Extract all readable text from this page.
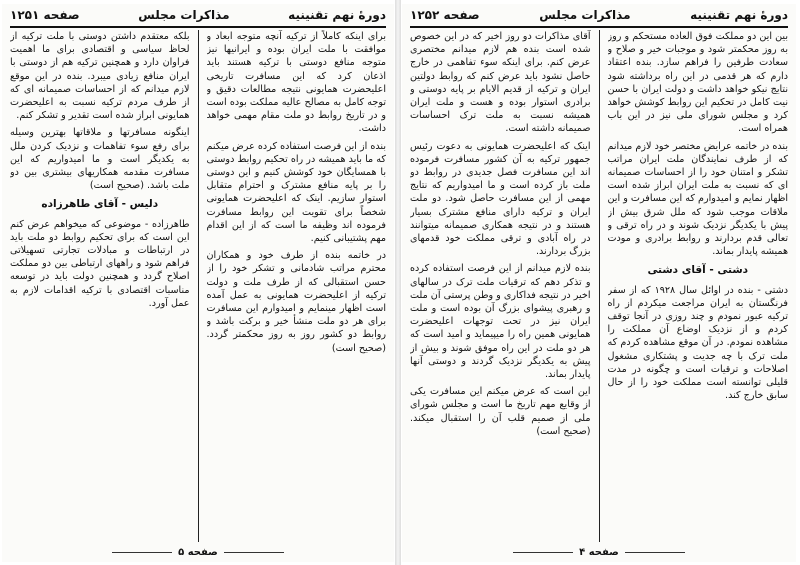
دورهٔ نهم تقنینیه
مذاکرات مجلس
صفحه ۱۲۵۱

برای اینکه کاملاً از ترکیه آنچه متوجه ابعاد و موافقت با ملت ایران بوده و ایرانیها نیز متوجه منافع دوستی با ترکیه هستند باید اذعان کرد که این مسافرت تاریخی اعلیحضرت همایونی نتیجه مطالعات دقیق و توجه کامل به مصالح عالیه مملکت بوده است و در تاریخ روابط دو ملت مقام مهمی خواهد داشت.

بنده از این فرصت استفاده کرده عرض میکنم که ما باید همیشه در راه تحکیم روابط دوستی با همسایگان خود کوشش کنیم و این دوستی را بر پایه منافع مشترک و احترام متقابل استوار سازیم. اینک که اعلیحضرت همایونی شخصاً برای تقویت این روابط مسافرت فرموده اند وظیفه ما است که از این اقدام مهم پشتیبانی کنیم.

در خاتمه بنده از طرف خود و همکاران محترم مراتب شادمانی و تشکر خود را از حسن استقبالی که از طرف ملت و دولت ترکیه از اعلیحضرت همایونی به عمل آمده است اظهار مینمایم و امیدوارم این مسافرت برای هر دو ملت منشأ خیر و برکت باشد و روابط دو کشور روز به روز محکمتر گردد. (صحیح است)

بلکه معتقدم داشتن دوستی با ملت ترکیه از لحاظ سیاسی و اقتصادی برای ما اهمیت فراوان دارد و همچنین ترکیه هم از دوستی با ایران منافع زیادی میبرد. بنده در این موقع لازم میدانم که از احساسات صمیمانه ای که از طرف مردم ترکیه نسبت به اعلیحضرت همایونی ابراز شده است تقدیر و تشکر کنم.

اینگونه مسافرتها و ملاقاتها بهترین وسیله برای رفع سوء تفاهمات و نزدیک کردن ملل به یکدیگر است و ما امیدواریم که این مسافرت مقدمه همکاریهای بیشتری بین دو ملت باشد. (صحیح است)

دلیس - آقای طاهرزاده

طاهرزاده - موضوعی که میخواهم عرض کنم این است که برای تحکیم روابط دو ملت باید در ارتباطات و مبادلات تجارتی تسهیلاتی فراهم شود و راههای ارتباطی بین دو مملکت اصلاح گردد و همچنین دولت باید در توسعه مناسبات اقتصادی با ترکیه اقدامات لازم به عمل آورد.

صفحه ۵
دورهٔ نهم تقنینیه
مذاکرات مجلس
صفحه ۱۲۵۲

بین این دو مملکت فوق العاده مستحکم و روز به روز محکمتر شود و موجبات خیر و صلاح و سعادت طرفین را فراهم سازد. بنده اعتقاد دارم که هر قدمی در این راه برداشته شود نتایج نیکو خواهد داشت و دولت ایران با حسن نیت کامل در تحکیم این روابط کوشش خواهد کرد و مجلس شورای ملی نیز در این باب همراه است.

بنده در خاتمه عرایض مختصر خود لازم میدانم که از طرف نمایندگان ملت ایران مراتب تشکر و امتنان خود را از احساسات صمیمانه ای که نسبت به ملت ایران ابراز شده است اظهار نمایم و امیدوارم که این مسافرت و این ملاقات موجب شود که ملل شرق بیش از پیش با یکدیگر نزدیک شوند و در راه ترقی و تعالی قدم بردارند و روابط برادری و مودت همیشه پایدار بماند.

دشتی - آقای دشتی

دشتی - بنده در اوائل سال ۱۹۲۸ که از سفر فرنگستان به ایران مراجعت میکردم از راه ترکیه عبور نمودم و چند روزی در آنجا توقف کردم و از نزدیک اوضاع آن مملکت را مشاهده نمودم. در آن موقع مشاهده کردم که ملت ترک با چه جدیت و پشتکاری مشغول اصلاحات و ترقیات است و چگونه در مدت قلیلی توانسته است مملکت خود را از حال سابق خارج کند.

آقای مذاکرات دو روز اخیر که در این خصوص شده است بنده هم لازم میدانم مختصری عرض کنم. برای اینکه سوء تفاهمی در خارج حاصل نشود باید عرض کنم که روابط دولتین ایران و ترکیه از قدیم الایام بر پایه دوستی و برادری استوار بوده و هست و ملت ایران همیشه نسبت به ملت ترک احساسات صمیمانه داشته است.

اینک که اعلیحضرت همایونی به دعوت رئیس جمهور ترکیه به آن کشور مسافرت فرموده اند این مسافرت فصل جدیدی در روابط دو ملت باز کرده است و ما امیدواریم که نتایج مهمی از این مسافرت حاصل شود. دو ملت ایران و ترکیه دارای منافع مشترک بسیار هستند و در نتیجه همکاری صمیمانه میتوانند در راه آبادی و ترقی مملکت خود قدمهای بزرگ بردارند.

بنده لازم میدانم از این فرصت استفاده کرده و تذکر دهم که ترقیات ملت ترک در سالهای اخیر در نتیجه فداکاری و وطن پرستی آن ملت و رهبری پیشوای بزرگ آن بوده است و ملت ایران نیز در تحت توجهات اعلیحضرت همایونی همین راه را میپیماید و امید است که هر دو ملت در این راه موفق شوند و بیش از پیش به یکدیگر نزدیک گردند و دوستی آنها پایدار بماند.

این است که عرض میکنم این مسافرت یکی از وقایع مهم تاریخ ما است و مجلس شورای ملی از صمیم قلب آن را استقبال میکند. (صحیح است)

صفحه ۴
